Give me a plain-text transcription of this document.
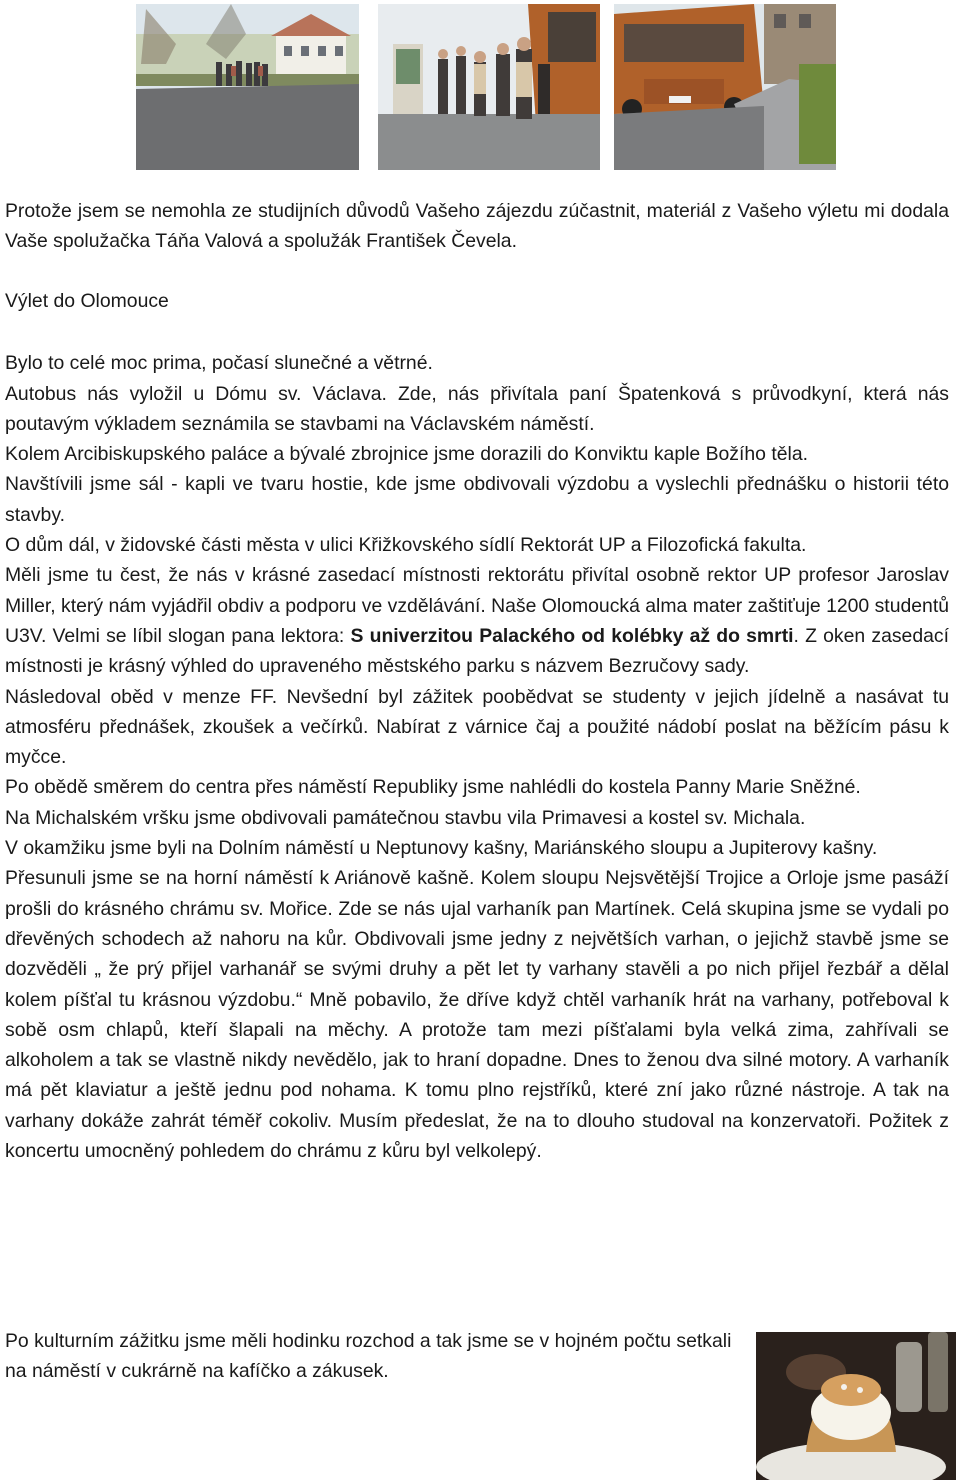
Protože jsem se nemohla ze studijních důvodů Vašeho zájezdu zúčastnit, materiál z Vašeho výletu mi dodala Vaše spolužačka Táňa Valová a spolužák František Čevela.

Výlet do Olomouce

Bylo to celé moc prima, počasí slunečné a větrné.

Autobus nás vyložil u Dómu sv. Václava. Zde, nás přivítala paní Špatenková s průvodkyní, která nás poutavým výkladem seznámila se stavbami na Václavském náměstí.

Kolem Arcibiskupského paláce a bývalé zbrojnice jsme dorazili do Konviktu kaple Božího těla.

Navštívili jsme sál - kapli ve tvaru hostie, kde jsme obdivovali výzdobu a vyslechli přednášku o historii této stavby.

O dům dál, v židovské části města v ulici Křižkovského sídlí Rektorát UP a Filozofická fakulta.

Měli jsme tu čest, že nás v krásné zasedací místnosti rektorátu přivítal osobně rektor UP profesor Jaroslav Miller, který nám vyjádřil obdiv a podporu ve vzdělávání. Naše Olomoucká alma mater zaštiťuje 1200 studentů U3V. Velmi se líbil slogan pana lektora: S univerzitou Palackého od kolébky až do smrti. Z oken zasedací místnosti je krásný výhled do upraveného městského parku s názvem Bezručovy sady.

Následoval oběd v menze FF. Nevšední byl zážitek poobědvat se studenty v jejich jídelně a nasávat tu atmosféru přednášek, zkoušek a večírků. Nabírat z várnice čaj a použité nádobí poslat na běžícím pásu k myčce.

Po obědě směrem do centra přes náměstí Republiky jsme nahlédli do kostela Panny Marie Sněžné.

Na Michalském vršku jsme obdivovali památečnou stavbu vila Primavesi a kostel sv. Michala.

V okamžiku jsme byli na Dolním náměstí u Neptunovy kašny, Mariánského sloupu a Jupiterovy kašny.

Přesunuli jsme se na horní náměstí k Ariánově kašně. Kolem sloupu Nejsvětější Trojice a Orloje jsme pasáží prošli do krásného chrámu sv. Mořice. Zde se nás ujal varhaník pan Martínek. Celá skupina jsme se vydali po dřevěných schodech až nahoru na kůr. Obdivovali jsme jedny z největších varhan, o jejichž stavbě jsme se dozvěděli „ že prý přijel varhanář se svými druhy a pět let ty varhany stavěli a po nich přijel řezbář a dělal kolem píšťal tu krásnou výzdobu.“ Mně pobavilo, že dříve když chtěl varhaník hrát na varhany, potřeboval k sobě osm chlapů, kteří šlapali na měchy. A protože tam mezi píšťalami byla velká zima, zahřívali se alkoholem a tak se vlastně nikdy nevědělo, jak to hraní dopadne. Dnes to ženou dva silné motory. A varhaník má pět klaviatur a ještě jednu pod nohama. K tomu plno rejstříků, které zní jako různé nástroje. A tak na varhany dokáže zahrát téměř cokoliv. Musím předeslat, že na to dlouho studoval na konzervatoři. Požitek z koncertu umocněný pohledem do chrámu z kůru byl velkolepý.

Po kulturním zážitku jsme měli hodinku rozchod a tak jsme se v hojném počtu setkali na náměstí v cukrárně na kafíčko a zákusek.
